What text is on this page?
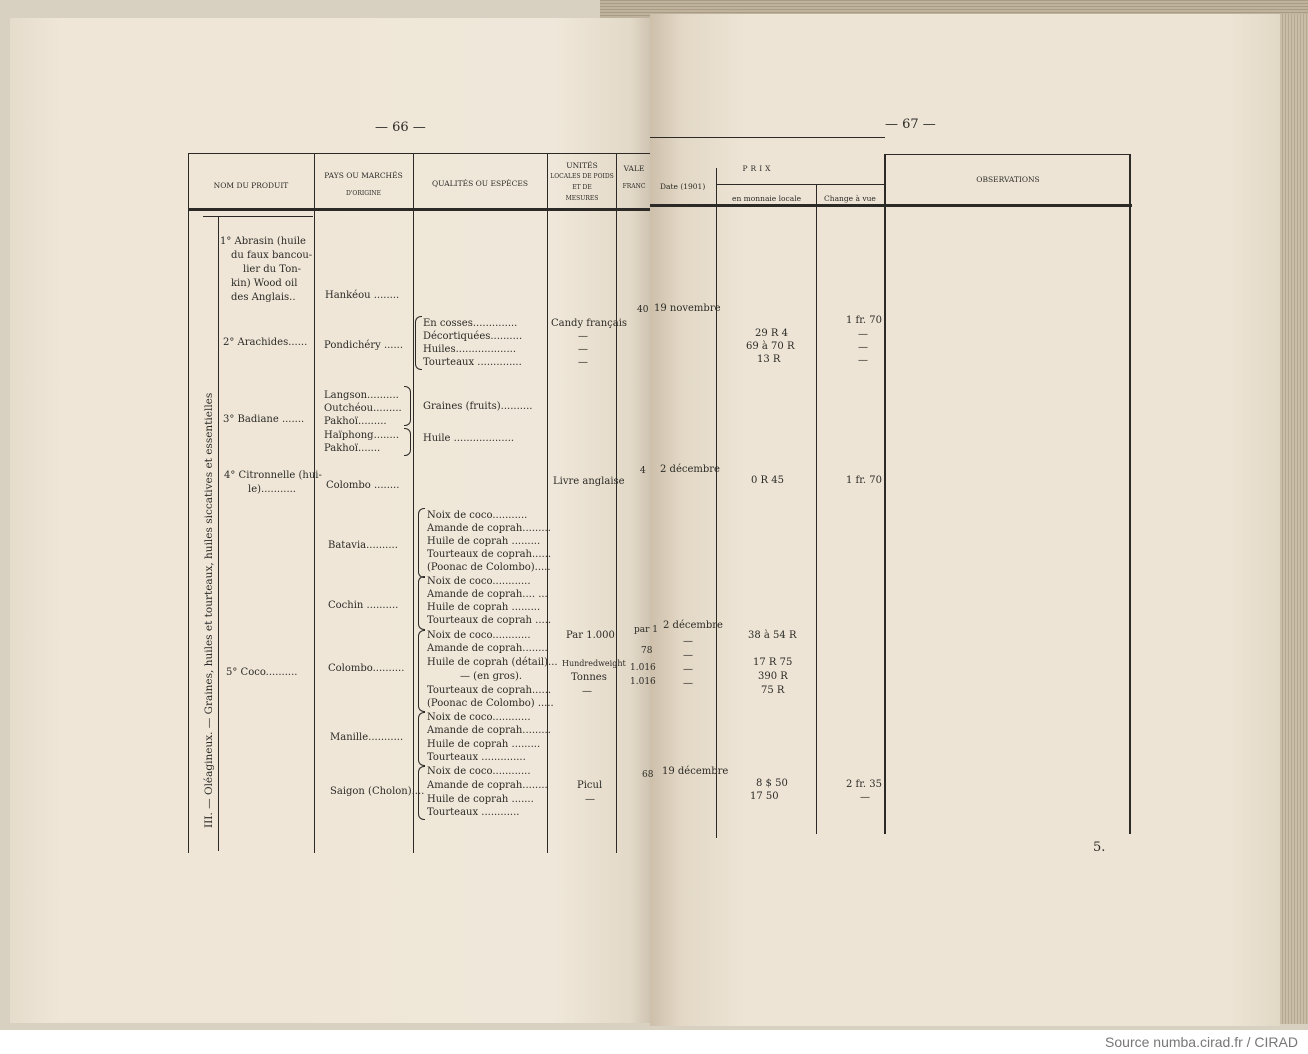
— 66 —	— 67 —
5.
NOM DU PRODUIT
PAYS OU MARCHÉS
D'ORIGINE
QUALITÉS OU ESPÈCES
UNITÉS
LOCALES DE POIDS
ET DE
MESURES
VALE
FRANC
PRIX
Date (1901)
en monnaie locale	Change à vue
OBSERVATIONS
III. — Oléagineux. — Graines, huiles et tourteaux, huiles siccatives et essentielles
1° Abrasin (huile
du faux bancou-
lier du Ton-
kin) Wood oil
des Anglais..
2° Arachides......
3° Badiane .......
4° Citronnelle (hui-
le)...........
5° Coco..........
Hankéou ........
Pondichéry ......
Langson..........
Outchéou.........
Pakhoï.........
Haïphong........
Pakhoï.......
Colombo ........
Batavia..........
Cochin ..........
Colombo..........
Manille...........
Saigon (Cholon)....
En cosses..............
Décortiquées..........
Huiles...................
Tourteaux ..............
Graines (fruits)..........
Huile ...................
Noix de coco...........
Amande de coprah.........
Huile de coprah .........
Tourteaux de coprah......
(Poonac de Colombo).....
Noix de coco............
Amande de coprah.... ...
Huile de coprah .........
Tourteaux de coprah .....
Noix de coco............
Amande de coprah........
Huile de coprah (détail)...
— (en gros).
Tourteaux de coprah......
(Poonac de Colombo) .....
Noix de coco............
Amande de coprah.........
Huile de coprah .........
Tourteaux ..............
Noix de coco............
Amande de coprah........
Huile de coprah .......
Tourteaux ............
Candy français
—
—
—
Livre anglaise
Par 1.000
Hundredweight
Tonnes
—
Picul
—
40
4
par 1
78
1.016
1.016
68
19 novembre
2 décembre
2 décembre
—
—
—
—
19 décembre
29 R 4
69 à 70 R
13 R
0 R 45
38 à 54 R
17 R 75
390 R
75 R
8 $ 50
17 50
1 fr. 70
—
—
—
1 fr. 70
2 fr. 35
—
Source numba.cirad.fr / CIRAD
